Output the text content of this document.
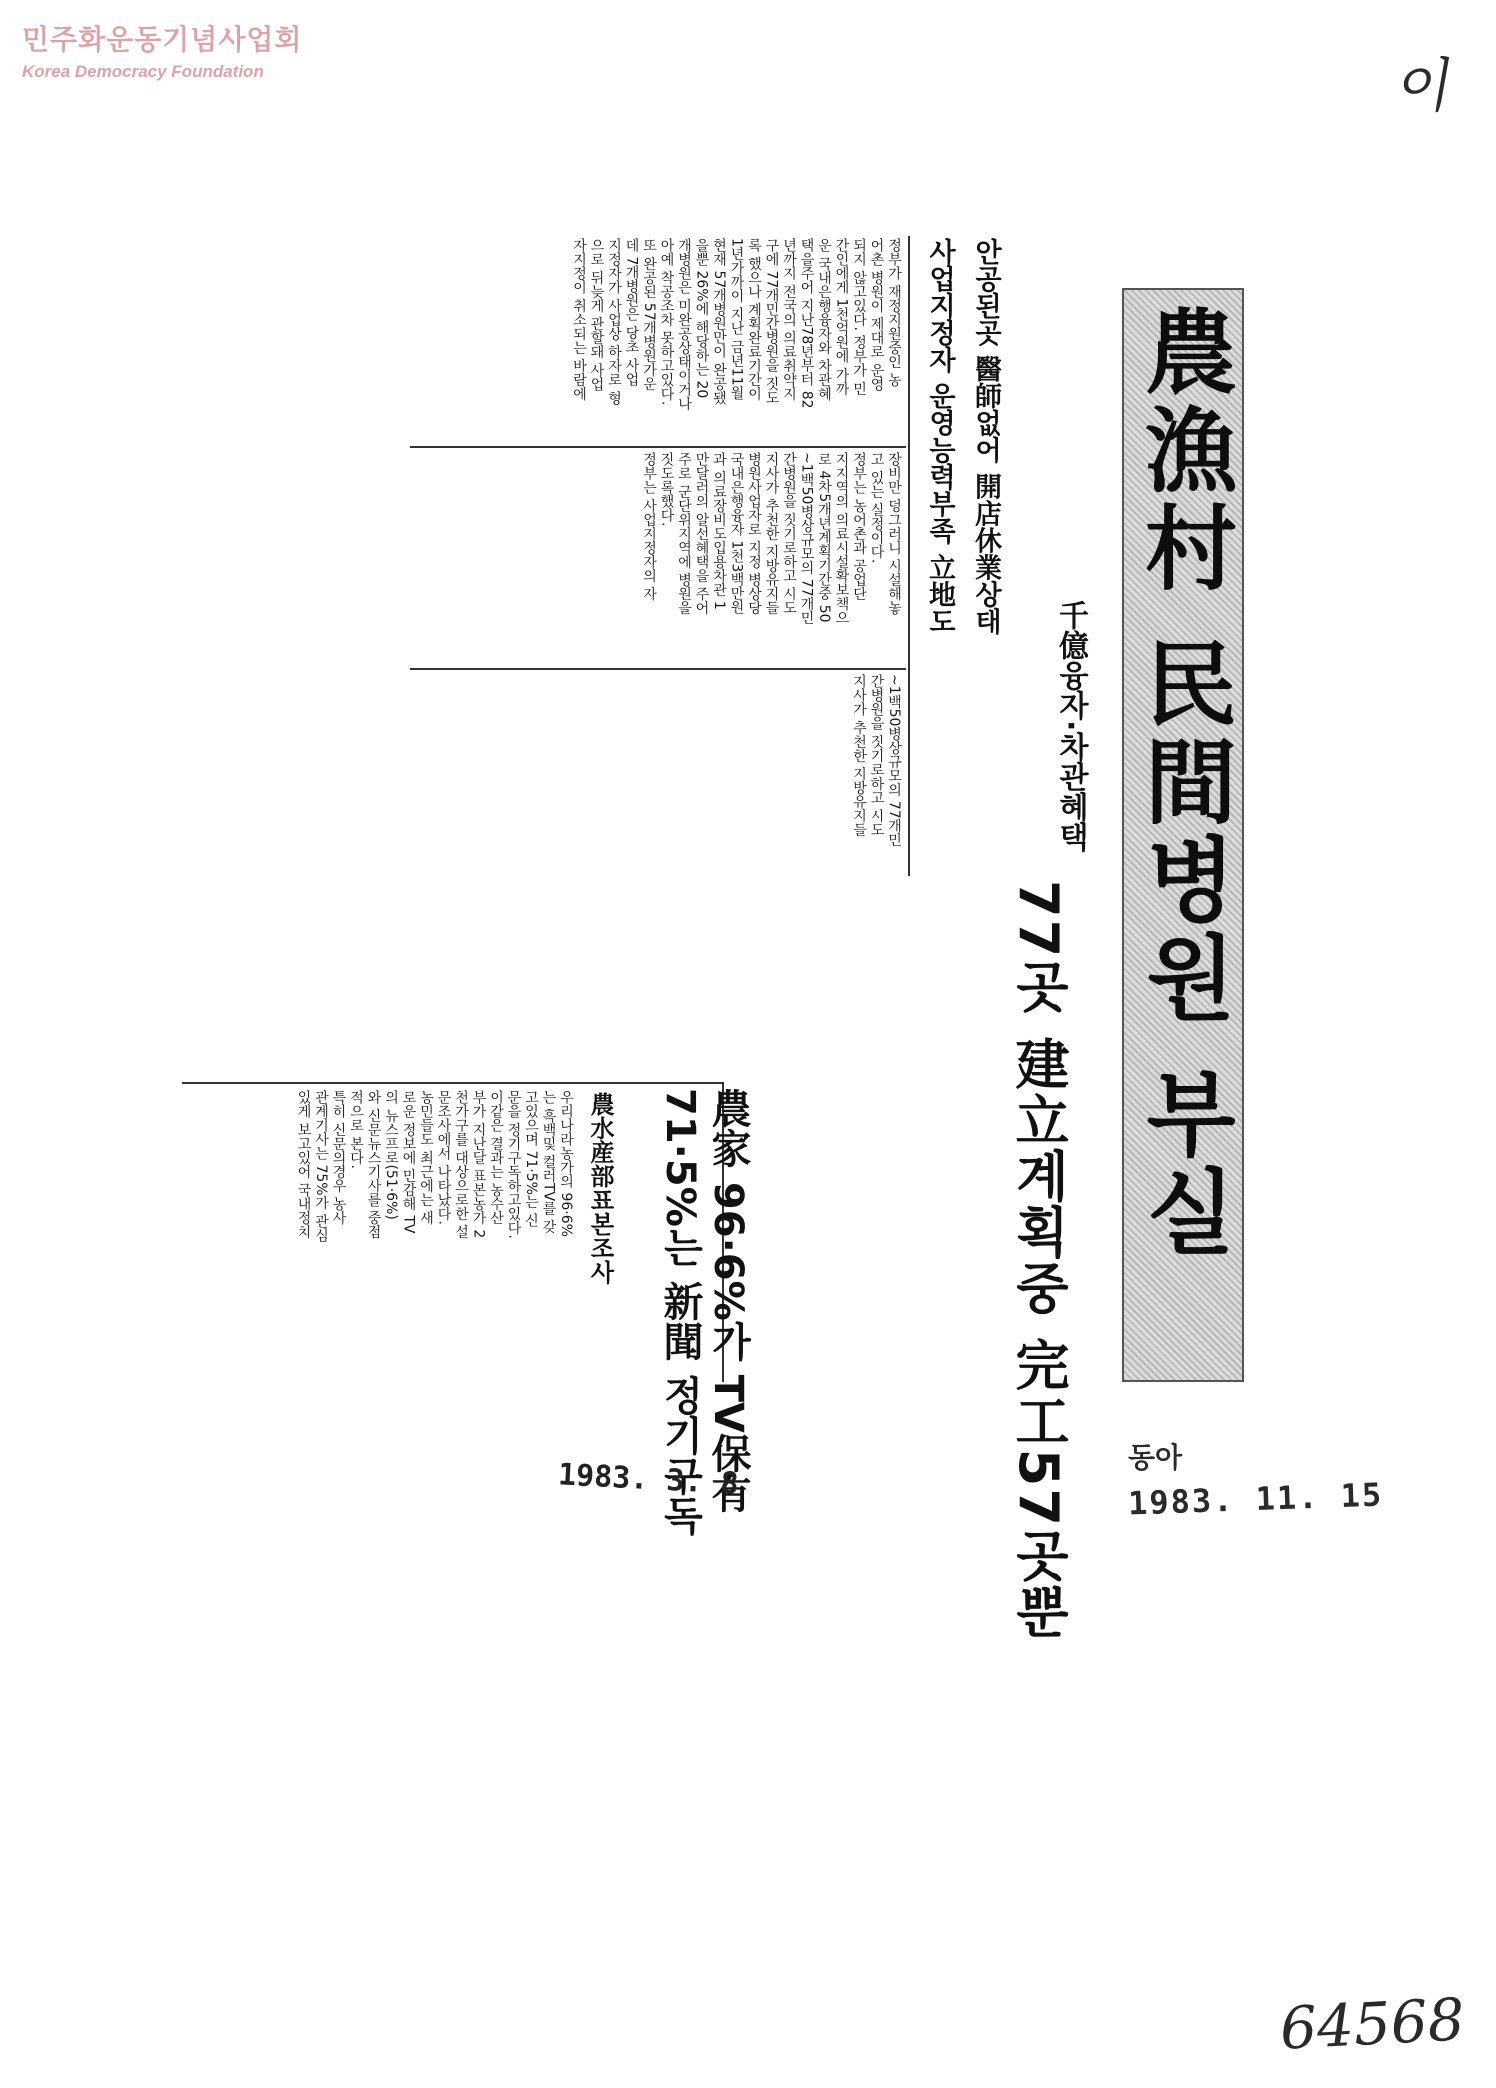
민주화운동기념사업회
Korea Democracy Foundation	이
64568
동아
1983. 11. 15
農漁村 民間병원 부실
千億융자·차관혜택
77곳 建立계획중 完工57곳뿐
안공된곳 醫師없어 開店休業상태
사업지정자 운영능력부족 立地도

정부가 재정지원중인 농

어촌 병원이 제대로 운영

되지 않고있다. 정부가 민

간인에게 1천억원에 가까

운 국내은행융자와 차관혜

택을주어 지난78년부터 82

년까지 전국의 의료취약지

구에 77개민간병원을 짓도

록 했으나 계획완료기간이

1년가까이 지난 금년11월

현재 57개병원만이 완공됐

을뿐 26%에 해당하는 20

개병원은 미완공상태이거나

아예 착공조차 못하고있다.

또 완공된 57개병원가운

데 7개병원은 당초 사업

지정자가 사업상 하자로 형

으로 뒤늦게 관할돼 사업

자지정이 취소되는 바람에

장비만 덩그러니 시설해놓

고 있는 실정이다.

정부는 농어촌과 공업단

지지역의 의료시설확보책으

로 4차5개년계획기간중 50

~1백50병상규모의 77개민

간병원을 짓기로하고 시도

지사가 추천한 지방유지들

병원사업자로 지정 병상당

국내은행융자 1천3백만원

과 의료장비도입용차관 1

만달러의 알선혜택을 주어

주로 군단위지역에 병원을

짓도록했다.

정부는 사업지정자의 자

~1백50병상규모의 77개민

간병원을 짓기로하고 시도

지사가 추천한 지방유지들

農家 96·6%가 TV保有
71·5%는 新聞 정기구독
農水産部표본조사
1983. 3. 8

우리나라농가의 96·6%

는 흑백및 컬러TV를 갖

고있으며 71·5%는 신

문을 정기구독하고있다.

이같은 결과는 농수산

부가 지난달 표본농가 2

천가구를 대상으로한 설

문조사에서 나타났다.

농민들도 최근에는 새

로운 정보에 민감해 TV

의 뉴스프로(51·6%)

와 신문뉴스기사를 중점

적으로 본다.

특히 신문의경우 농사

관계기사는 75%가 관심

있게 보고있어 국내정치
